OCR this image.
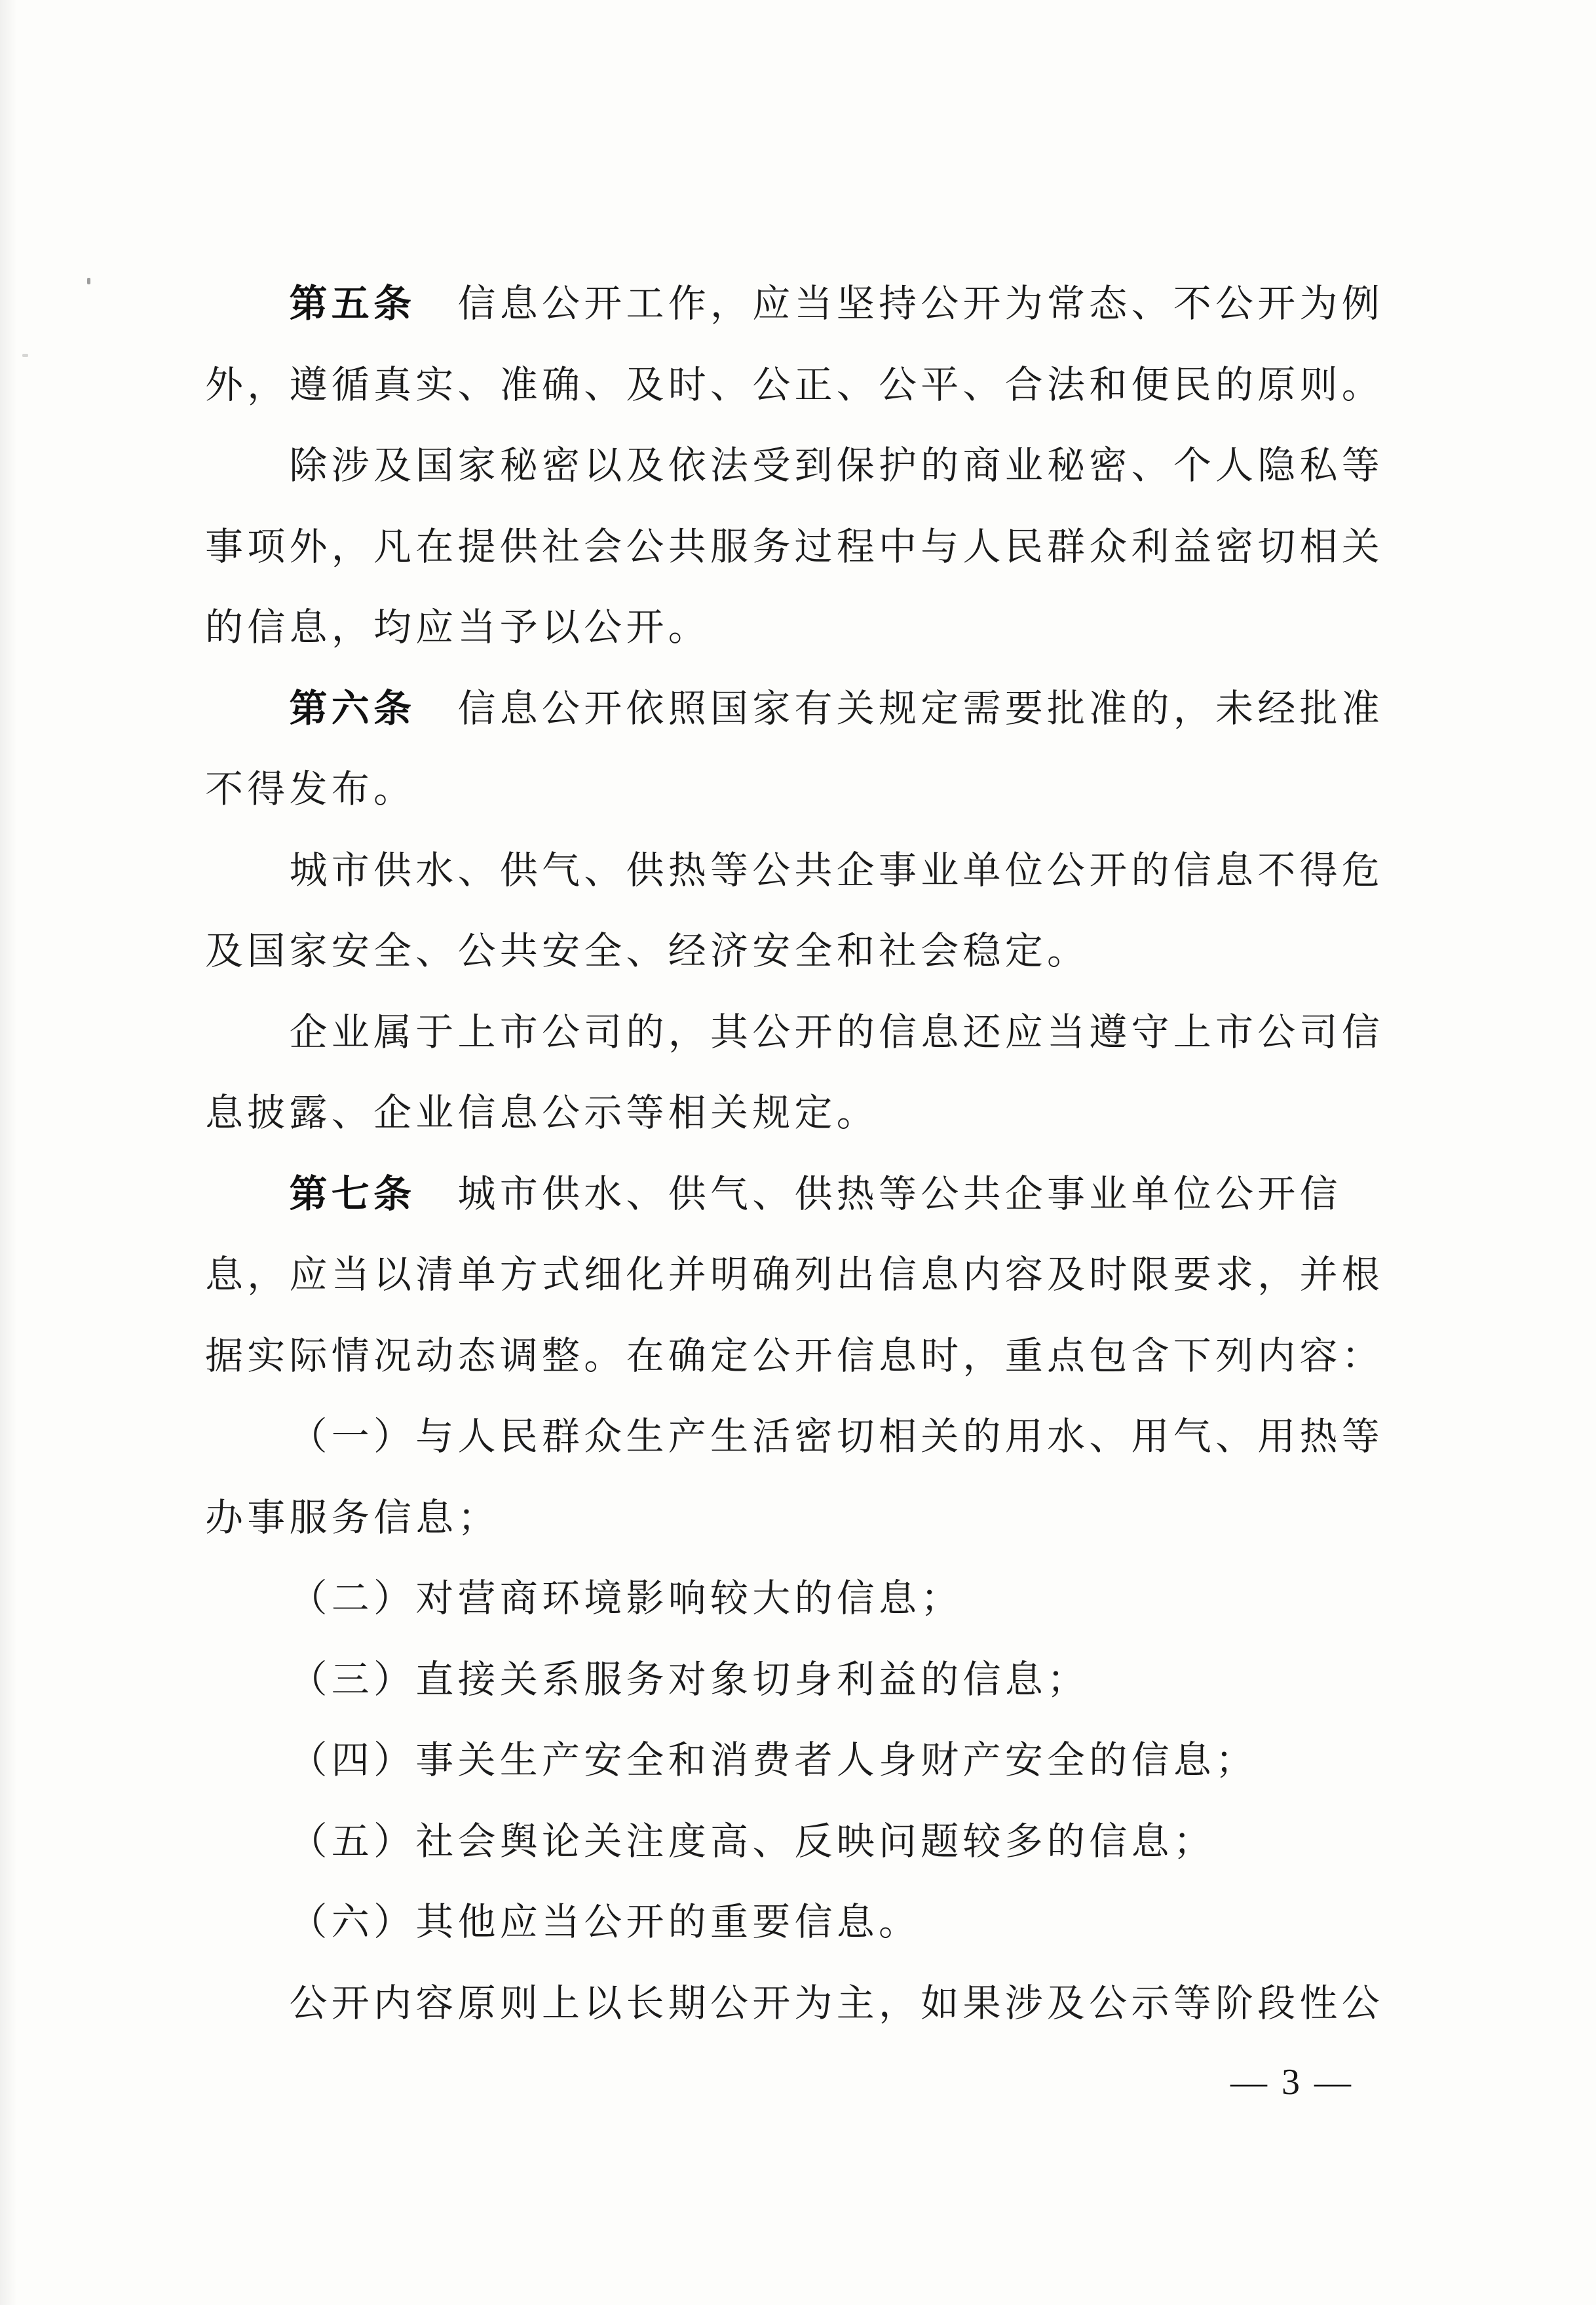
第五条　信息公开工作，应当坚持公开为常态、不公开为例
外，遵循真实、准确、及时、公正、公平、合法和便民的原则。
除涉及国家秘密以及依法受到保护的商业秘密、个人隐私等
事项外，凡在提供社会公共服务过程中与人民群众利益密切相关
的信息，均应当予以公开。
第六条　信息公开依照国家有关规定需要批准的，未经批准
不得发布。
城市供水、供气、供热等公共企事业单位公开的信息不得危
及国家安全、公共安全、经济安全和社会稳定。
企业属于上市公司的，其公开的信息还应当遵守上市公司信
息披露、企业信息公示等相关规定。
第七条　城市供水、供气、供热等公共企事业单位公开信
息，应当以清单方式细化并明确列出信息内容及时限要求，并根
据实际情况动态调整。在确定公开信息时，重点包含下列内容：
（一）与人民群众生产生活密切相关的用水、用气、用热等
办事服务信息；
（二）对营商环境影响较大的信息；
（三）直接关系服务对象切身利益的信息；
（四）事关生产安全和消费者人身财产安全的信息；
（五）社会舆论关注度高、反映问题较多的信息；
（六）其他应当公开的重要信息。
公开内容原则上以长期公开为主，如果涉及公示等阶段性公
— 3 —
